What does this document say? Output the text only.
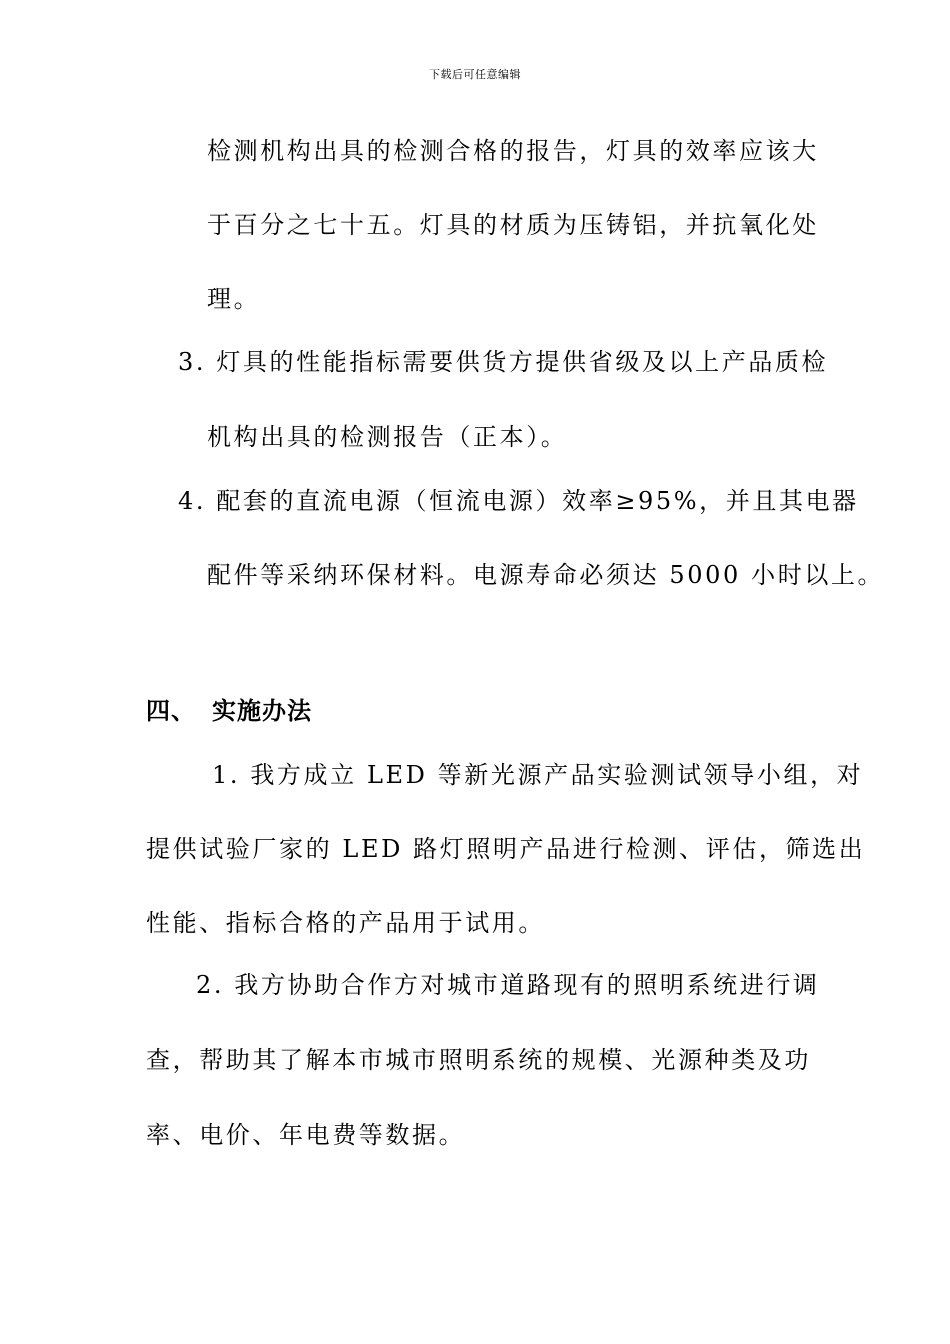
下载后可任意编辑
检测机构出具的检测合格的报告，灯具的效率应该大
于百分之七十五。灯具的材质为压铸铝，并抗氧化处
理。
3. 灯具的性能指标需要供货方提供省级及以上产品质检
机构出具的检测报告（正本）。
4. 配套的直流电源（恒流电源）效率≥95%，并且其电器
配件等采纳环保材料。电源寿命必须达 5000 小时以上。
四、 实施办法
1. 我方成立 LED 等新光源产品实验测试领导小组，对
提供试验厂家的 LED 路灯照明产品进行检测、评估，筛选出
性能、指标合格的产品用于试用。
2. 我方协助合作方对城市道路现有的照明系统进行调
查，帮助其了解本市城市照明系统的规模、光源种类及功
率、电价、年电费等数据。
